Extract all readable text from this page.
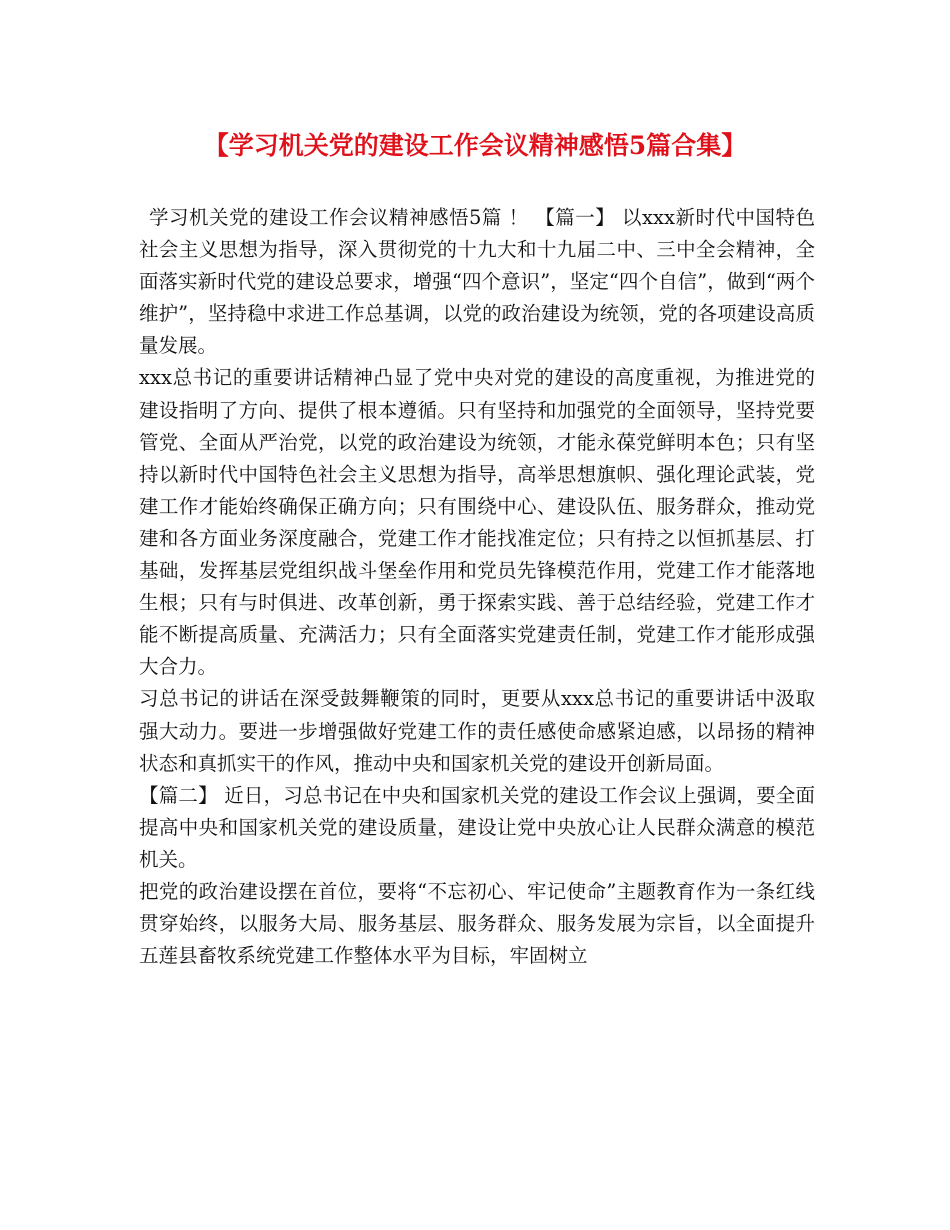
【学习机关党的建设工作会议精神感悟5篇合集】

学习机关党的建设工作会议精神感悟5篇 ！ 【篇一】 以xxx新时代中国特色社会主义思想为指导，深入贯彻党的十九大和十九届二中、三中全会精神，全面落实新时代党的建设总要求，增强“四个意识”，坚定“四个自信”，做到“两个维护”，坚持稳中求进工作总基调，以党的政治建设为统领，党的各项建设高质量发展。

xxx总书记的重要讲话精神凸显了党中央对党的建设的高度重视，为推进党的建设指明了方向、提供了根本遵循。只有坚持和加强党的全面领导，坚持党要管党、全面从严治党，以党的政治建设为统领，才能永葆党鲜明本色；只有坚持以新时代中国特色社会主义思想为指导，高举思想旗帜、强化理论武装，党建工作才能始终确保正确方向；只有围绕中心、建设队伍、服务群众，推动党建和各方面业务深度融合，党建工作才能找准定位；只有持之以恒抓基层、打基础，发挥基层党组织战斗堡垒作用和党员先锋模范作用，党建工作才能落地生根；只有与时俱进、改革创新，勇于探索实践、善于总结经验，党建工作才能不断提高质量、充满活力；只有全面落实党建责任制，党建工作才能形成强大合力。

习总书记的讲话在深受鼓舞鞭策的同时，更要从xxx总书记的重要讲话中汲取强大动力。要进一步增强做好党建工作的责任感使命感紧迫感，以昂扬的精神状态和真抓实干的作风，推动中央和国家机关党的建设开创新局面。

【篇二】 近日，习总书记在中央和国家机关党的建设工作会议上强调，要全面提高中央和国家机关党的建设质量，建设让党中央放心让人民群众满意的模范机关。

把党的政治建设摆在首位，要将“不忘初心、牢记使命”主题教育作为一条红线贯穿始终，以服务大局、服务基层、服务群众、服务发展为宗旨，以全面提升五莲县畜牧系统党建工作整体水平为目标，牢固树立
